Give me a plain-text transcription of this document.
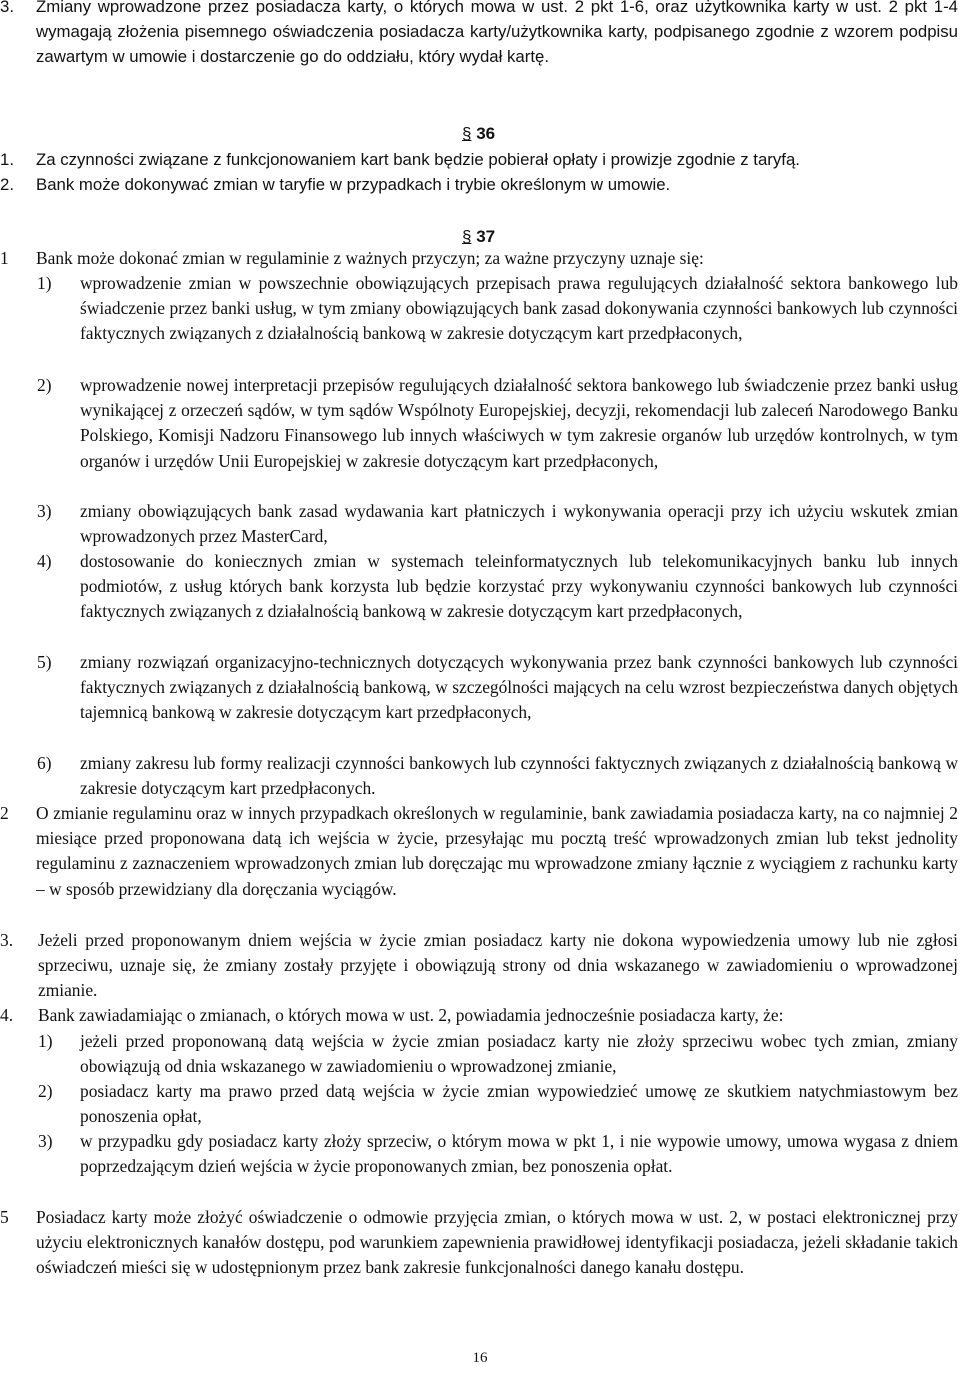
3.	Zmiany wprowadzone przez posiadacza karty, o których mowa w ust. 2 pkt 1-6, oraz użytkownika karty w ust. 2 pkt 1-4 wymagają złożenia pisemnego oświadczenia posiadacza karty/użytkownika karty, podpisanego zgodnie z wzorem podpisu zawartym w umowie i dostarczenie go do oddziału, który wydał kartę.
§ 36
1.	Za czynności związane z funkcjonowaniem kart bank będzie pobierał opłaty i prowizje zgodnie z taryfą.
2.	Bank może dokonywać zmian w taryfie w przypadkach i trybie określonym w umowie.
§ 37
1	Bank może dokonać zmian w regulaminie z ważnych przyczyn; za ważne przyczyny uznaje się:
1)	wprowadzenie zmian w powszechnie obowiązujących przepisach prawa regulujących działalność sektora bankowego lub świadczenie przez banki usług, w tym zmiany obowiązujących bank zasad dokonywania czynności bankowych lub czynności faktycznych związanych z działalnością bankową w zakresie dotyczącym kart przedpłaconych,
2)	wprowadzenie nowej interpretacji przepisów regulujących działalność sektora bankowego lub świadczenie przez banki usług wynikającej z orzeczeń sądów, w tym sądów Wspólnoty Europejskiej, decyzji, rekomendacji lub zaleceń Narodowego Banku Polskiego, Komisji Nadzoru Finansowego lub innych właściwych w tym zakresie organów lub urzędów kontrolnych, w tym organów i urzędów Unii Europejskiej w zakresie dotyczącym kart przedpłaconych,
3)	zmiany obowiązujących bank zasad wydawania kart płatniczych i wykonywania operacji przy ich użyciu wskutek zmian wprowadzonych przez MasterCard,
4)	dostosowanie do koniecznych zmian w systemach teleinformatycznych lub telekomunikacyjnych banku lub innych podmiotów, z usług których bank korzysta lub będzie korzystać przy wykonywaniu czynności bankowych lub czynności faktycznych związanych z działalnością bankową w zakresie dotyczącym kart przedpłaconych,
5)	zmiany rozwiązań organizacyjno-technicznych dotyczących wykonywania przez bank czynności bankowych lub czynności faktycznych związanych z działalnością bankową, w szczególności mających na celu wzrost bezpieczeństwa danych objętych tajemnicą bankową w zakresie dotyczącym kart przedpłaconych,
6)	zmiany zakresu lub formy realizacji czynności bankowych lub czynności faktycznych związanych z działalnością bankową w zakresie dotyczącym kart przedpłaconych.
2	O zmianie regulaminu oraz w innych przypadkach określonych w regulaminie, bank zawiadamia posiadacza karty, na co najmniej 2 miesiące przed proponowana datą ich wejścia w życie, przesyłając mu pocztą treść wprowadzonych zmian lub tekst jednolity regulaminu z zaznaczeniem wprowadzonych zmian lub doręczając mu wprowadzone zmiany łącznie z wyciągiem z rachunku karty – w sposób przewidziany dla doręczania wyciągów.
3.	Jeżeli przed proponowanym dniem wejścia w życie zmian posiadacz karty nie dokona wypowiedzenia umowy lub nie zgłosi sprzeciwu, uznaje się, że zmiany zostały przyjęte i obowiązują strony od dnia wskazanego w zawiadomieniu o wprowadzonej zmianie.
4.	Bank zawiadamiając o zmianach, o których mowa w ust. 2, powiadamia jednocześnie posiadacza karty, że:
1)	jeżeli przed proponowaną datą wejścia w życie zmian posiadacz karty nie złoży sprzeciwu wobec tych zmian, zmiany obowiązują od dnia wskazanego w zawiadomieniu o wprowadzonej zmianie,
2)	posiadacz karty ma prawo przed datą wejścia w życie zmian wypowiedzieć umowę ze skutkiem natychmiastowym bez ponoszenia opłat,
3)	w przypadku gdy posiadacz karty złoży sprzeciw, o którym mowa w pkt 1, i nie wypowie umowy, umowa wygasa z dniem poprzedzającym dzień wejścia w życie proponowanych zmian, bez ponoszenia opłat.
5	Posiadacz karty może złożyć oświadczenie o odmowie przyjęcia zmian, o których mowa w ust. 2, w postaci elektronicznej przy użyciu elektronicznych kanałów dostępu, pod warunkiem zapewnienia prawidłowej identyfikacji posiadacza, jeżeli składanie takich oświadczeń mieści się w udostępnionym przez bank zakresie funkcjonalności danego kanału dostępu.
16
